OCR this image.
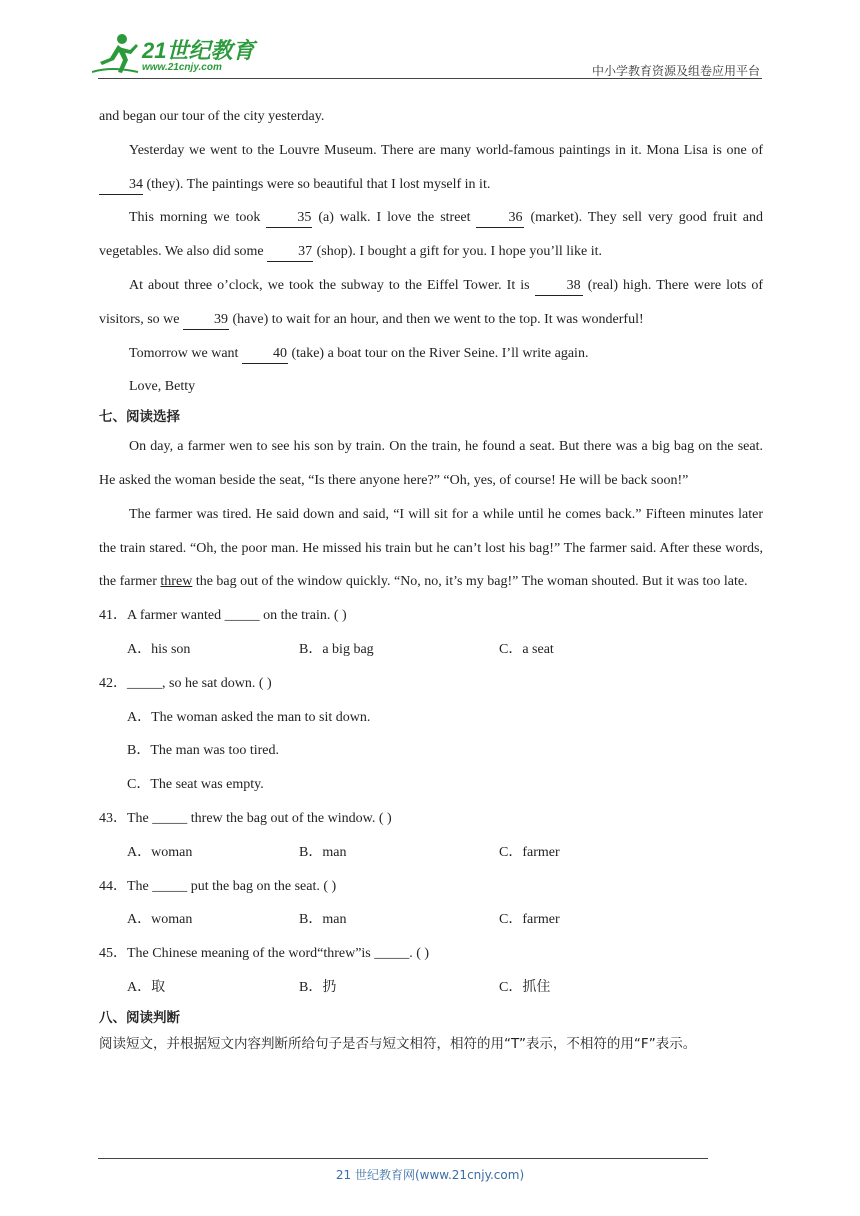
21世纪教育
www.21cnjy.com	中小学教育资源及组卷应用平台

and began our tour of the city yesterday.

Yesterday we went to the Louvre Museum. There are many world-famous paintings in it. Mona Lisa is one of 34 (they). The paintings were so beautiful that I lost myself in it.

This morning we took	35 (a) walk. I love the street	36 (market). They sell very good fruit and vegetables. We also did some 37 (shop). I bought a gift for you. I hope you’ll like it.

At about three o’clock, we took the subway to the Eiffel Tower. It is	38 (real) high. There were lots of visitors, so we 39 (have) to wait for an hour, and then we went to the top. It was wonderful!

Tomorrow we want 40 (take) a boat tour on the River Seine. I’ll write again.

Love, Betty

七、阅读选择

On day, a farmer wen to see his son by train. On the train, he found a seat. But there was a big bag on the seat. He asked the woman beside the seat, “Is there anyone here?” “Oh, yes, of course! He will be back soon!”

The farmer was tired. He said down and said, “I will sit for a while until he comes back.” Fifteen minutes later the train stared. “Oh, the poor man. He missed his train but he can’t lost his bag!” The farmer said. After these words, the farmer threw the bag out of the window quickly. “No, no, it’s my bag!” The woman shouted. But it was too late.

41．A farmer wanted _____ on the train. ( )

A．his son	B．a big bag	C．a seat

42．_____, so he sat down. ( )

A．The woman asked the man to sit down.

B．The man was too tired.

C．The seat was empty.

43．The _____ threw the bag out of the window. ( )

A．woman	B．man	C．farmer

44．The _____ put the bag on the seat. ( )

A．woman	B．man	C．farmer

45．The Chinese meaning of the word“threw”is _____. ( )

A．取	B．扔	C．抓住

八、阅读判断

阅读短文，并根据短文内容判断所给句子是否与短文相符，相符的用“T”表示，不相符的用“F”表示。

21 世纪教育网(www.21cnjy.com)
